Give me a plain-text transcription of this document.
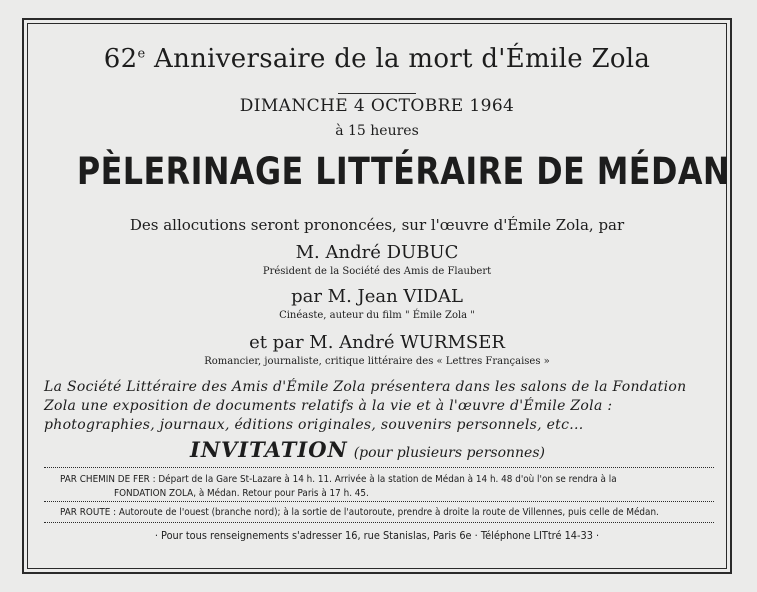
62e Anniversaire de la mort d'Émile Zola
DIMANCHE 4 OCTOBRE 1964
à 15 heures
PÈLERINAGE LITTÉRAIRE DE MÉDAN
Des allocutions seront prononcées, sur l'œuvre d'Émile Zola, par
M. André DUBUC
Président de la Société des Amis de Flaubert
par M. Jean VIDAL
Cinéaste, auteur du film " Émile Zola "
et par M. André WURMSER
Romancier, journaliste, critique littéraire des « Lettres Françaises »
La Société Littéraire des Amis d'Émile Zola présentera dans les salons de la Fondation
Zola une exposition de documents relatifs à la vie et à l'œuvre d'Émile Zola :
photographies, journaux, éditions originales, souvenirs personnels, etc...
INVITATION (pour plusieurs personnes)
PAR CHEMIN DE FER : Départ de la Gare St-Lazare à 14 h. 11. Arrivée à la station de Médan à 14 h. 48 d'où l'on se rendra à la
FONDATION ZOLA, à Médan. Retour pour Paris à 17 h. 45.
PAR ROUTE : Autoroute de l'ouest (branche nord); à la sortie de l'autoroute, prendre à droite la route de Villennes, puis celle de Médan.
· Pour tous renseignements s'adresser 16, rue Stanislas, Paris 6e · Téléphone LITtré 14-33 ·
